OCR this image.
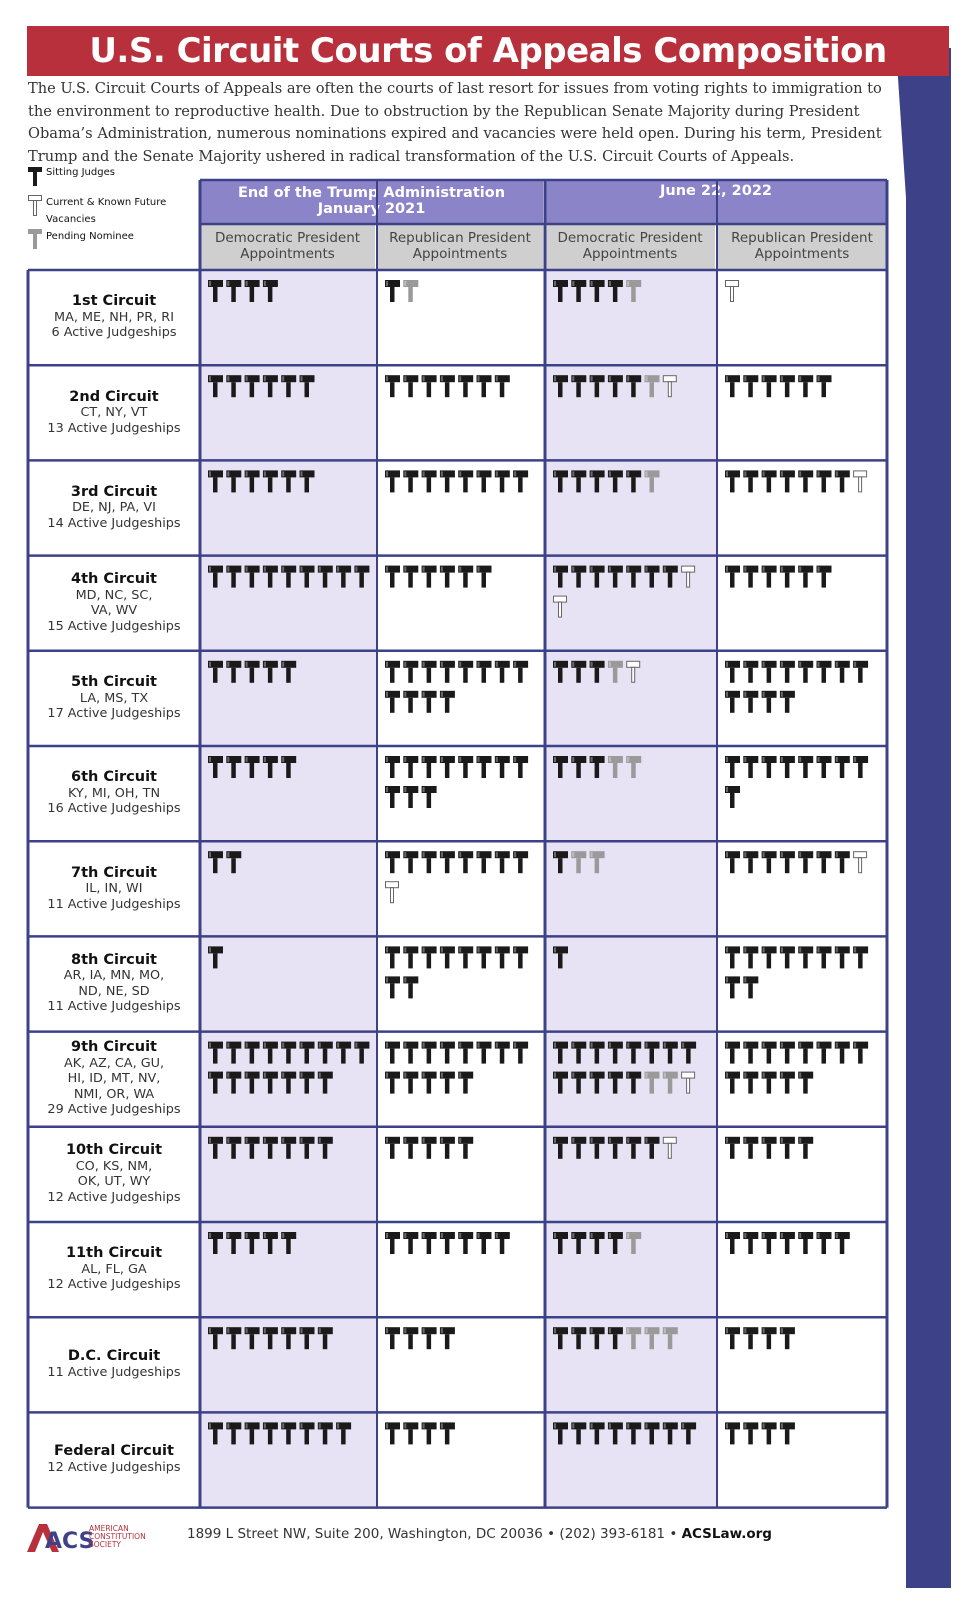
U.S. Circuit Courts of Appeals Composition
The U.S. Circuit Courts of Appeals are often the courts of last resort for issues from voting rights to immigration to the environment to reproductive health. Due to obstruction by the Republican Senate Majority during President Obama’s Administration, numerous nominations expired and vacancies were held open. During his term, President Trump and the Senate Majority ushered in radical transformation of the U.S. Circuit Courts of Appeals.
Sitting Judges
Current & Known Future Vacancies
Pending Nominee
End of the Trump Administration
January 2021
June 22, 2022
Democratic President
Appointments
Republican President
Appointments
Democratic President
Appointments
Republican President
Appointments
1st Circuit
MA, ME, NH, PR, RI
6 Active Judgeships
2nd Circuit
CT, NY, VT
13 Active Judgeships
3rd Circuit
DE, NJ, PA, VI
14 Active Judgeships
4th Circuit
MD, NC, SC,
VA, WV
15 Active Judgeships
5th Circuit
LA, MS, TX
17 Active Judgeships
6th Circuit
KY, MI, OH, TN
16 Active Judgeships
7th Circuit
IL, IN, WI
11 Active Judgeships
8th Circuit
AR, IA, MN, MO,
ND, NE, SD
11 Active Judgeships
9th Circuit
AK, AZ, CA, GU,
HI, ID, MT, NV,
NMI, OR, WA
29 Active Judgeships
10th Circuit
CO, KS, NM,
OK, UT, WY
12 Active Judgeships
11th Circuit
AL, FL, GA
12 Active Judgeships
D.C. Circuit
11 Active Judgeships
Federal Circuit
12 Active Judgeships
ACS
AMERICAN
CONSTITUTION
SOCIETY
1899 L Street NW, Suite 200, Washington, DC 20036 • (202) 393-6181 • ACSLaw.org
